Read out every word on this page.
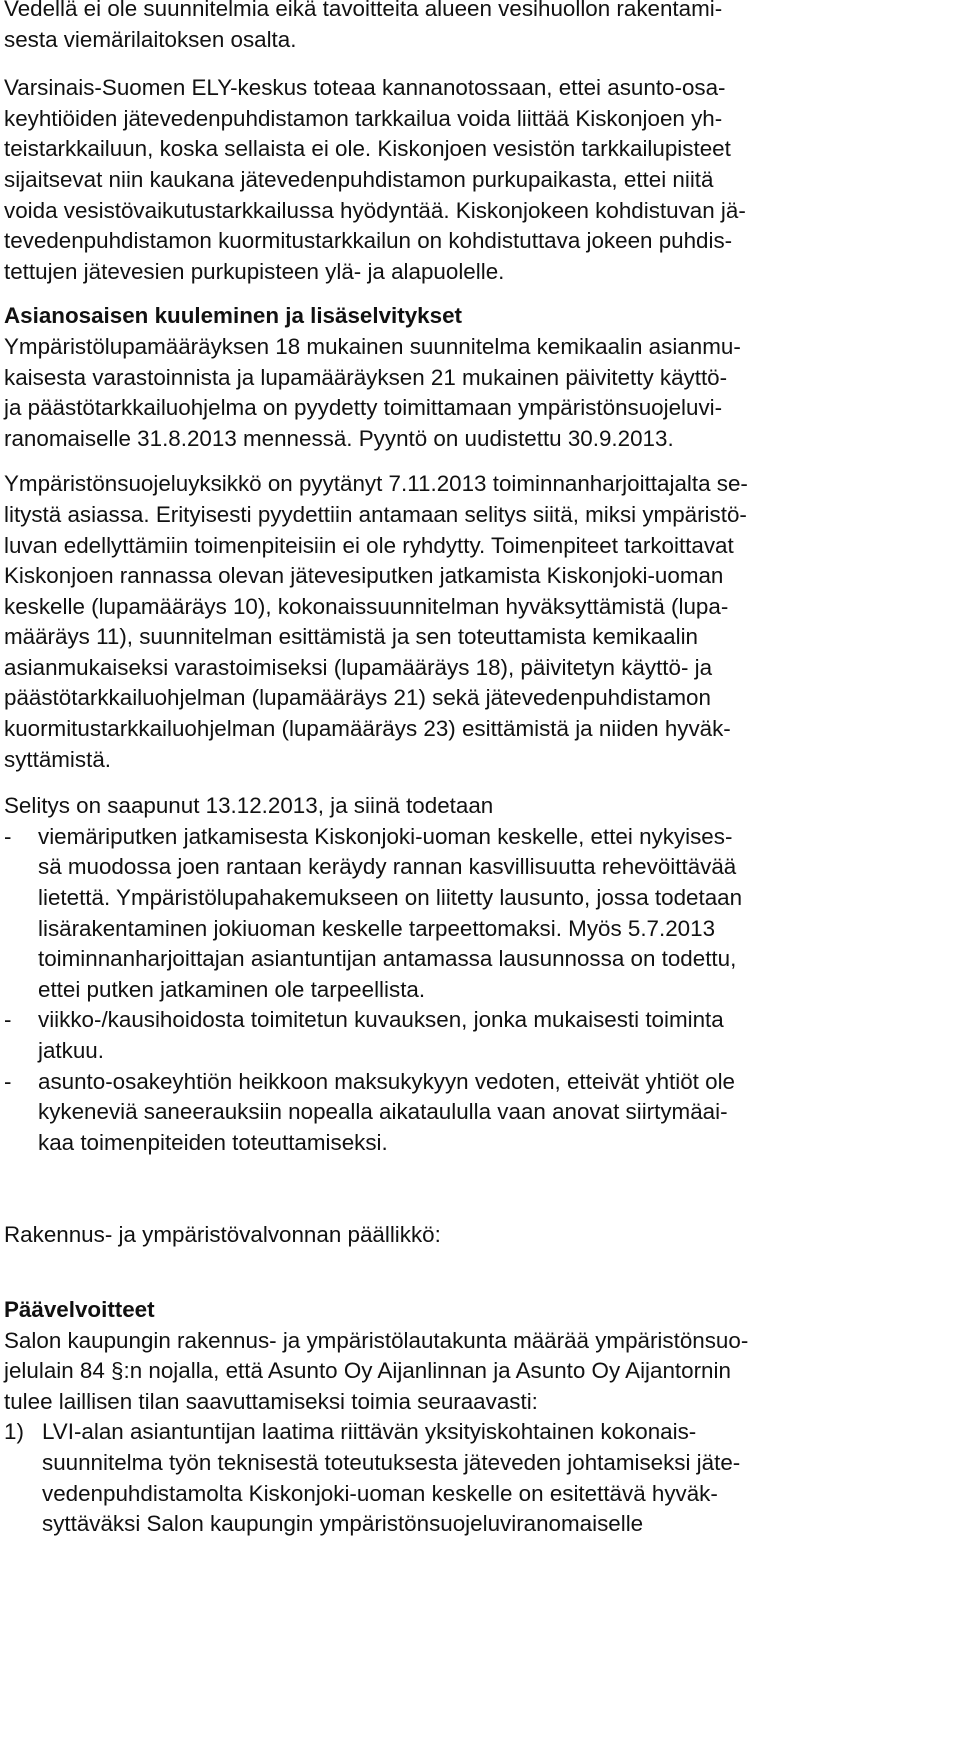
Vedellä ei ole suunnitelmia eikä tavoitteita alueen vesihuollon rakentami-
sesta viemärilaitoksen osalta.
Varsinais-Suomen ELY-keskus toteaa kannanotossaan, ettei asunto-osa-
keyhtiöiden jätevedenpuhdistamon tarkkailua voida liittää Kiskonjoen yh-
teistarkkailuun, koska sellaista ei ole. Kiskonjoen vesistön tarkkailupisteet
sijaitsevat niin kaukana jätevedenpuhdistamon purkupaikasta, ettei niitä
voida vesistövaikutustarkkailussa hyödyntää. Kiskonjokeen kohdistuvan jä-
tevedenpuhdistamon kuormitustarkkailun on kohdistuttava jokeen puhdis-
tettujen jätevesien purkupisteen ylä- ja alapuolelle.
Asianosaisen kuuleminen ja lisäselvitykset
Ympäristölupamääräyksen 18 mukainen suunnitelma kemikaalin asianmu-
kaisesta varastoinnista ja lupamääräyksen 21 mukainen päivitetty käyttö-
ja päästötarkkailuohjelma on pyydetty toimittamaan ympäristönsuojeluvi-
ranomaiselle 31.8.2013 mennessä. Pyyntö on uudistettu 30.9.2013.
Ympäristönsuojeluyksikkö on pyytänyt 7.11.2013 toiminnanharjoittajalta se-
litystä asiassa. Erityisesti pyydettiin antamaan selitys siitä, miksi ympäristö-
luvan edellyttämiin toimenpiteisiin ei ole ryhdytty. Toimenpiteet tarkoittavat
Kiskonjoen rannassa olevan jätevesiputken jatkamista Kiskonjoki-uoman
keskelle (lupamääräys 10), kokonaissuunnitelman hyväksyttämistä (lupa-
määräys 11), suunnitelman esittämistä ja sen toteuttamista kemikaalin
asianmukaiseksi varastoimiseksi (lupamääräys 18), päivitetyn käyttö- ja
päästötarkkailuohjelman (lupamääräys 21) sekä jätevedenpuhdistamon
kuormitustarkkailuohjelman (lupamääräys 23) esittämistä ja niiden hyväk-
syttämistä.
Selitys on saapunut 13.12.2013, ja siinä todetaan
-	viemäriputken jatkamisesta Kiskonjoki-uoman keskelle, ettei nykyises-
sä muodossa joen rantaan keräydy rannan kasvillisuutta rehevöittävää
lietettä. Ympäristölupahakemukseen on liitetty lausunto, jossa todetaan
lisärakentaminen jokiuoman keskelle tarpeettomaksi. Myös 5.7.2013
toiminnanharjoittajan asiantuntijan antamassa lausunnossa on todettu,
ettei putken jatkaminen ole tarpeellista.
-	viikko-/kausihoidosta toimitetun kuvauksen, jonka mukaisesti toiminta
jatkuu.
-	asunto-osakeyhtiön heikkoon maksukykyyn vedoten, etteivät yhtiöt ole
kykeneviä saneerauksiin nopealla aikataululla vaan anovat siirtymäai-
kaa toimenpiteiden toteuttamiseksi.
Rakennus- ja ympäristövalvonnan päällikkö:
Päävelvoitteet
Salon kaupungin rakennus- ja ympäristölautakunta määrää ympäristönsuo-
jelulain 84 §:n nojalla, että Asunto Oy Aijanlinnan ja Asunto Oy Aijantornin
tulee laillisen tilan saavuttamiseksi toimia seuraavasti:
1) LVI-alan asiantuntijan laatima riittävän yksityiskohtainen kokonais-
suunnitelma työn teknisestä toteutuksesta jäteveden johtamiseksi jäte-
vedenpuhdistamolta Kiskonjoki-uoman keskelle on esitettävä hyväk-
syttäväksi Salon kaupungin ympäristönsuojeluviranomaiselle
